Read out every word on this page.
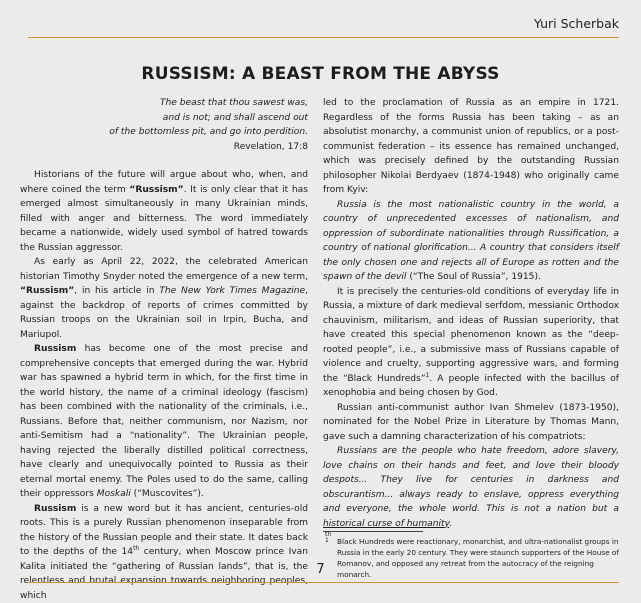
Yuri Scherbak
RUSSISM: A BEAST FROM THE ABYSS
The beast that thou sawest was,
and is not; and shall ascend out
of the bottomless pit, and go into perdition.
Revelation, 17:8

Historians of the future will argue about who, when, and where coined the term “Russism”. It is only clear that it has emerged almost simultaneously in many Ukrainian minds, filled with anger and bitterness. The word immediately became a nationwide, widely used symbol of hatred towards the Russian aggressor.

As early as April 22, 2022, the celebrated American historian Timothy Snyder noted the emergence of a new term, “Russism”, in his article in The New York Times Magazine, against the backdrop of reports of crimes committed by Russian troops on the Ukrainian soil in Irpin, Bucha, and Mariupol.

Russism has become one of the most precise and comprehensive concepts that emerged during the war. Hybrid war has spawned a hybrid term in which, for the first time in the world history, the name of a criminal ideology (fascism) has been combined with the nationality of the criminals, i.e., Russians. Before that, neither communism, nor Nazism, nor anti-Semitism had a “nationality”. The Ukrainian people, having rejected the liberally distilled political correctness, have clearly and unequivocally pointed to Russia as their eternal mortal enemy. The Poles used to do the same, calling their oppressors Moskali (“Muscovites”).

Russism is a new word but it has ancient, centuries-old roots. This is a purely Russian phenomenon inseparable from the history of the Russian people and their state. It dates back to the depths of the 14th century, when Moscow prince Ivan Kalita initiated the “gathering of Russian lands”, that is, the relentless and brutal expansion towards neighboring peoples, which

led to the proclamation of Russia as an empire in 1721. Regardless of the forms Russia has been taking – as an absolutist monarchy, a communist union of republics, or a post-communist federation – its essence has remained unchanged, which was precisely defined by the outstanding Russian philosopher Nikolai Berdyaev (1874-1948) who originally came from Kyiv:

Russia is the most nationalistic country in the world, a country of unprecedented excesses of nationalism, and oppression of subordinate nationalities through Russification, a country of national glorification... A country that considers itself the only chosen one and rejects all of Europe as rotten and the spawn of the devil (“The Soul of Russia”, 1915).

It is precisely the centuries-old conditions of everyday life in Russia, a mixture of dark medieval serfdom, messianic Orthodox chauvinism, militarism, and ideas of Russian superiority, that have created this special phenomenon known as the “deep-rooted people”, i.e., a submissive mass of Russians capable of violence and cruelty, supporting aggressive wars, and forming the “Black Hundreds”$^1$. A people infected with the bacillus of xenophobia and being chosen by God.

Russian anti-communist author Ivan Shmelev (1873-1950), nominated for the Nobel Prize in Literature by Thomas Mann, gave such a damning characterization of his compatriots:

Russians are the people who hate freedom, adore slavery, love chains on their hands and feet, and love their bloody despots... They live for centuries in darkness and obscurantism... always ready to enslave, oppress everything and everyone, the whole world. This is not a nation but a historical curse of humanity.

1 Black Hundreds were reactionary, monarchist, and ultra-nationalist groups in Russia in the early 20
th
century. They were staunch supporters of the House of Romanov, and opposed any retreat from the autocracy of the reigning monarch.
7
